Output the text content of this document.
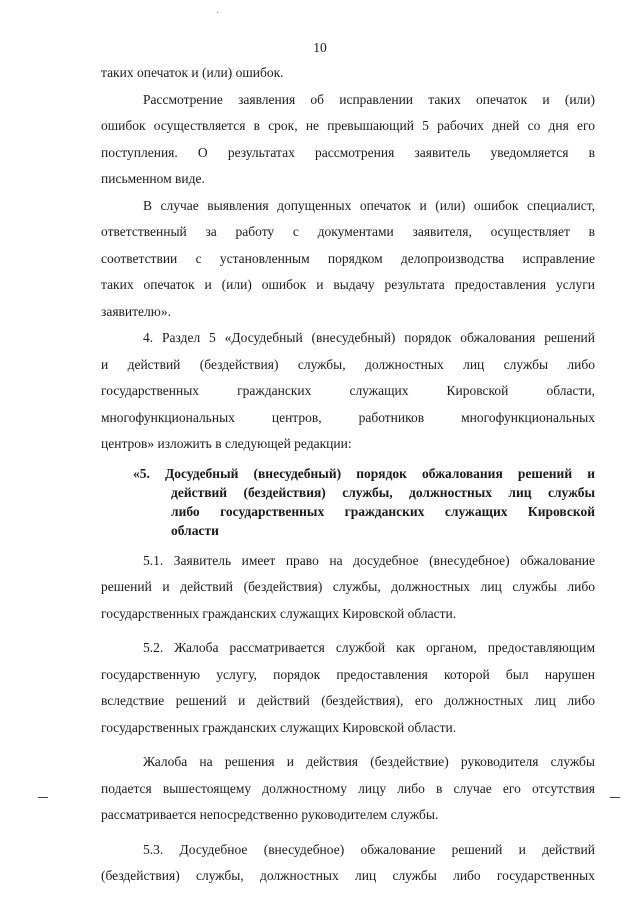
10
таких опечаток и (или) ошибок.
Рассмотрение заявления об исправлении таких опечаток и (или)
ошибок осуществляется в срок, не превышающий 5 рабочих дней со дня его
поступления. О результатах рассмотрения заявитель уведомляется в
письменном виде.
В случае выявления допущенных опечаток и (или) ошибок специалист,
ответственный за работу с документами заявителя, осуществляет в
соответствии с установленным порядком делопроизводства исправление
таких опечаток и (или) ошибок и выдачу результата предоставления услуги
заявителю».
4. Раздел 5 «Досудебный (внесудебный) порядок обжалования решений
и действий (бездействия) службы, должностных лиц службы либо
государственных гражданских служащих Кировской области,
многофункциональных центров, работников многофункциональных
центров» изложить в следующей редакции:
«5. Досудебный (внесудебный) порядок обжалования решений и
действий (бездействия) службы, должностных лиц службы
либо государственных гражданских служащих Кировской
области
5.1. Заявитель имеет право на досудебное (внесудебное) обжалование
решений и действий (бездействия) службы, должностных лиц службы либо
государственных гражданских служащих Кировской области.
5.2. Жалоба рассматривается службой как органом, предоставляющим
государственную услугу, порядок предоставления которой был нарушен
вследствие решений и действий (бездействия), его должностных лиц либо
государственных гражданских служащих Кировской области.
Жалоба на решения и действия (бездействие) руководителя службы
подается вышестоящему должностному лицу либо в случае его отсутствия
рассматривается непосредственно руководителем службы.
5.3. Досудебное (внесудебное) обжалование решений и действий
(бездействия) службы, должностных лиц службы либо государственных
